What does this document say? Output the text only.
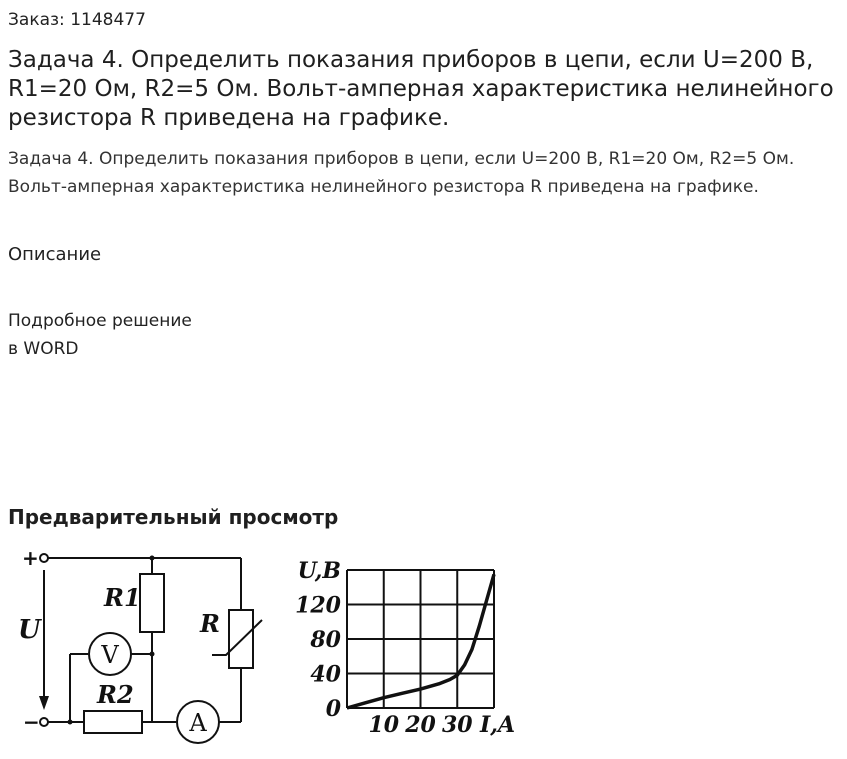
Заказ: 1148477
Задача 4. Определить показания приборов в цепи, если U=200 В, R1=20 Ом, R2=5 Ом. Вольт-амперная характеристика нелинейного резистора R приведена на графике.
Задача 4. Определить показания приборов в цепи, если U=200 В, R1=20 Ом, R2=5 Ом. Вольт-амперная характеристика нелинейного резистора R приведена на графике.
Описание
Подробное решение
в WORD
Предварительный просмотр
+
−
U
R1
R2
R
V
A	10 20 30
0
40
80
120
U,B
I,A
